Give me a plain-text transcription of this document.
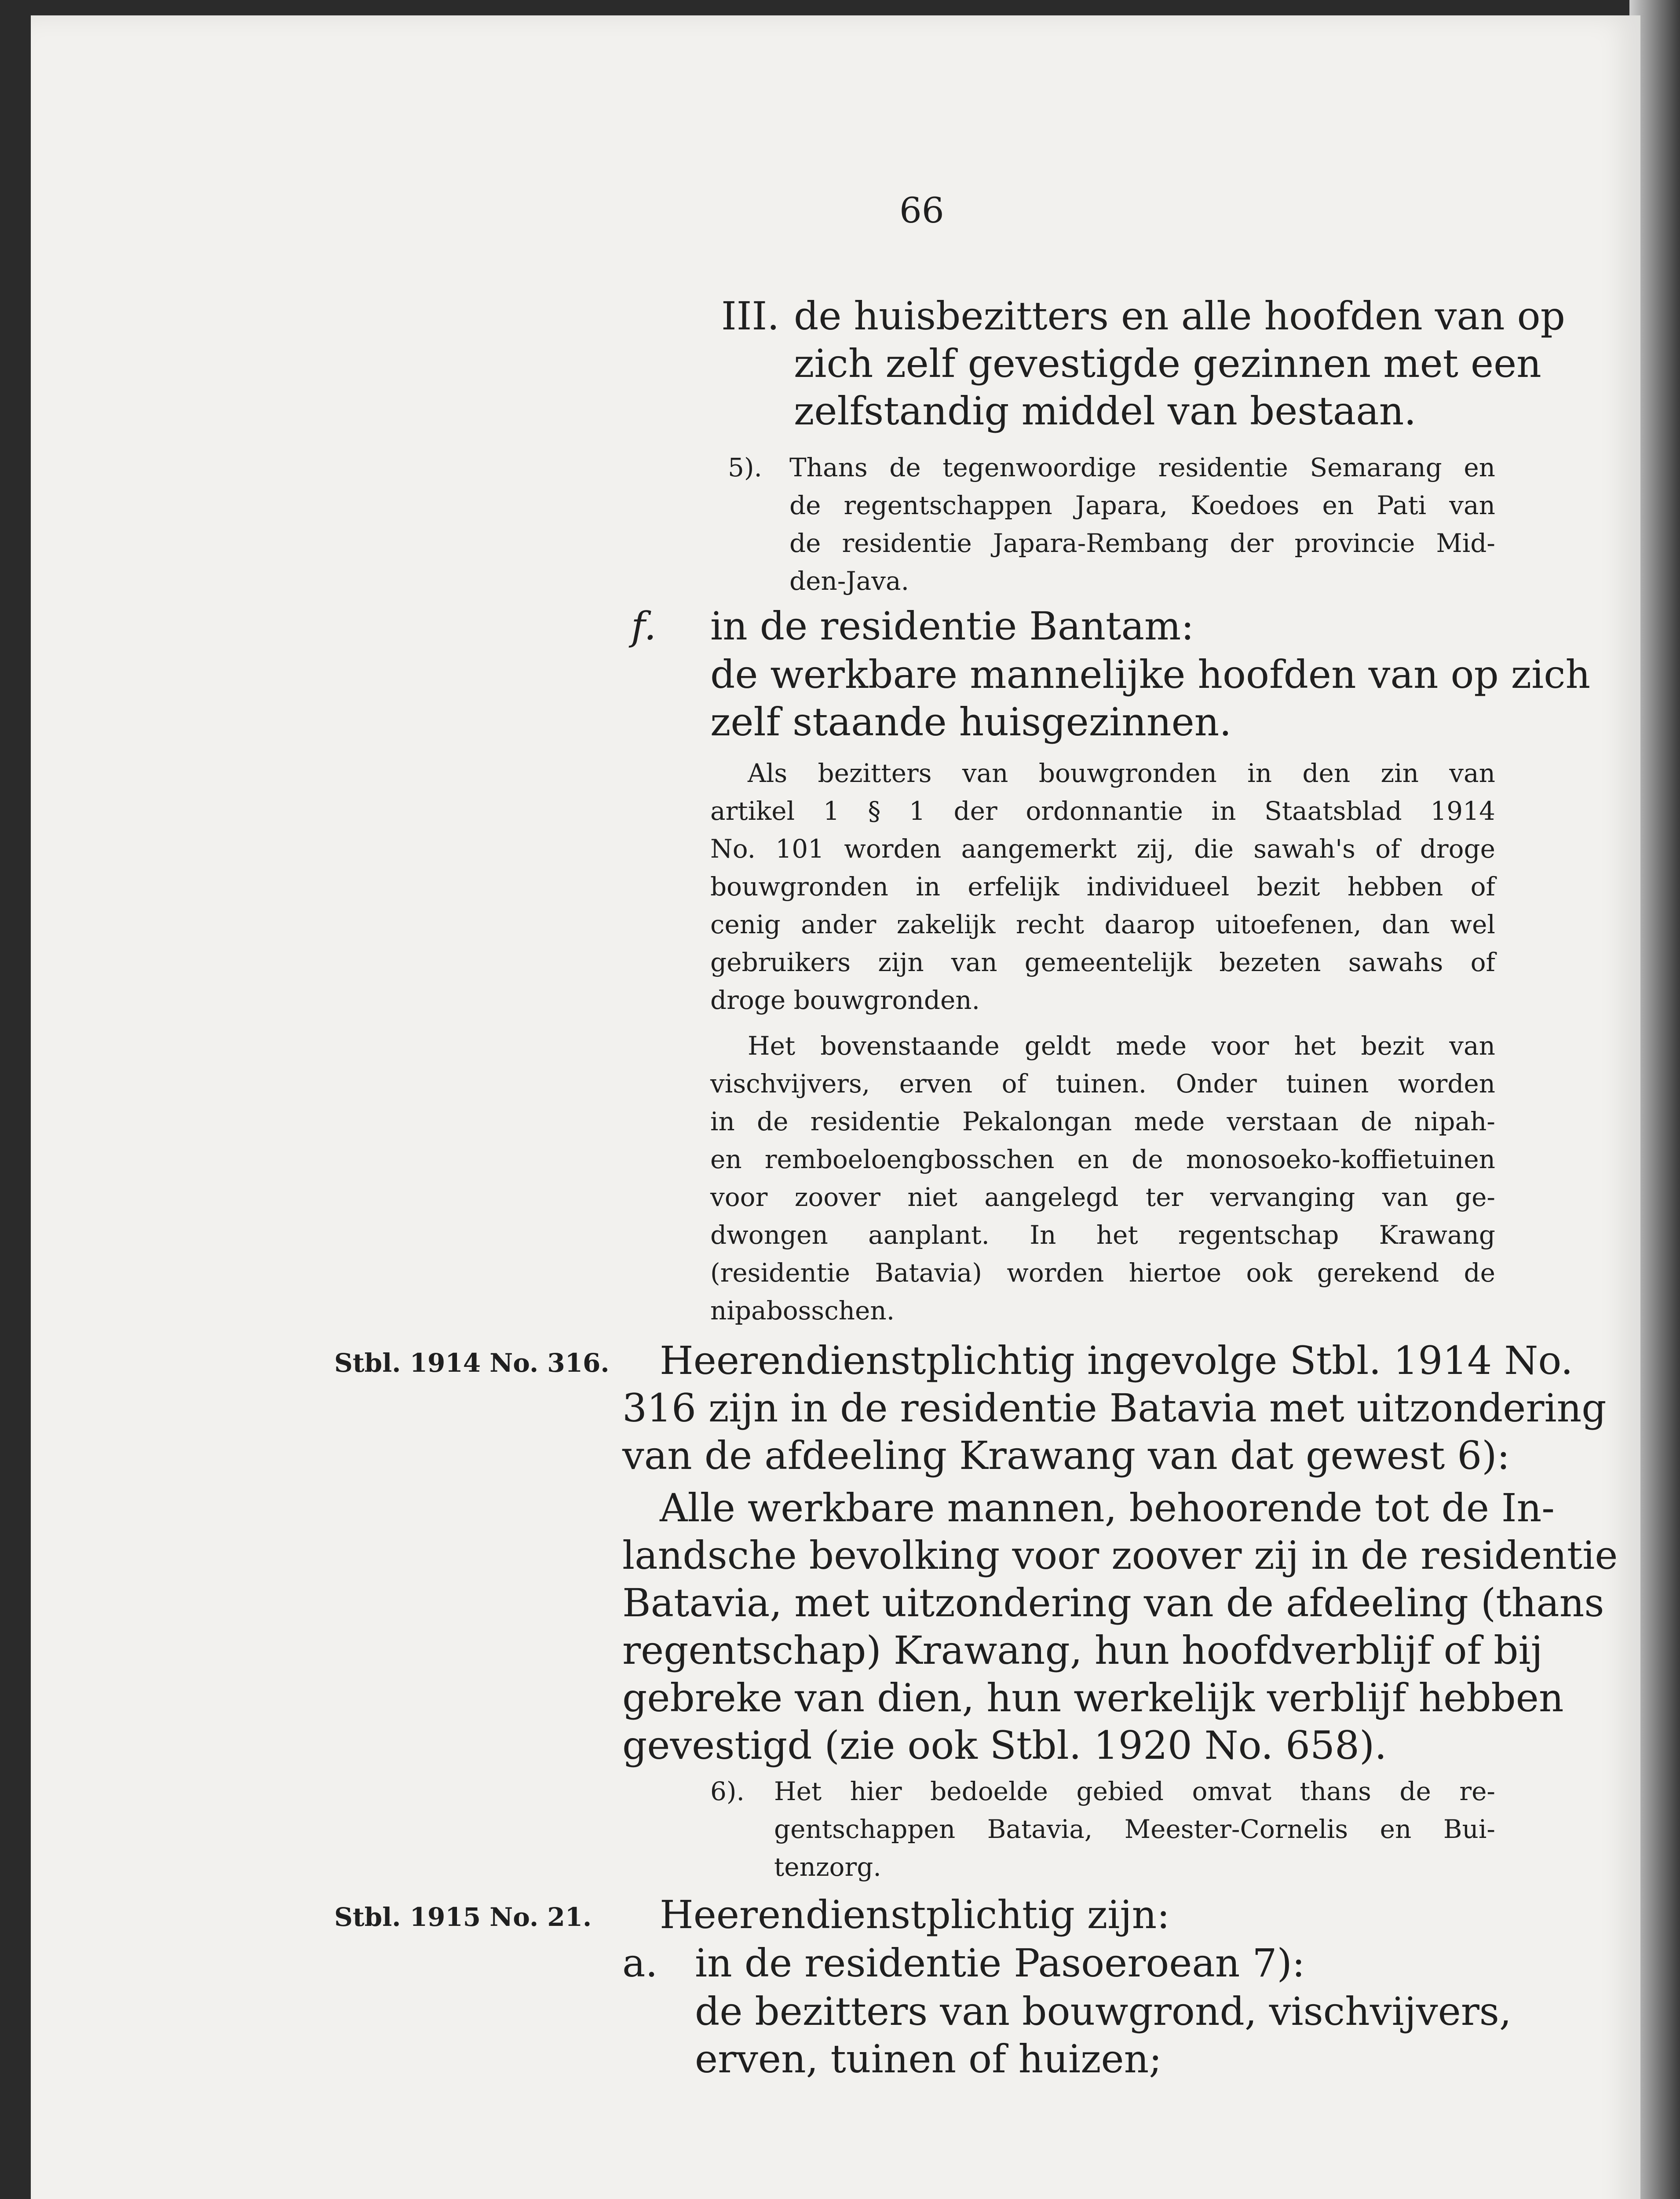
66
III. de huisbezitters en alle hoofden van op
zich zelf gevestigde gezinnen met een
zelfstandig middel van bestaan.
5). Thans de tegenwoordige residentie Semarang en
de regentschappen Japara, Koedoes en Pati van
de residentie Japara-Rembang der provincie Mid-
den-Java.
f. in de residentie Bantam:
de werkbare mannelijke hoofden van op zich
zelf staande huisgezinnen.
Als bezitters van bouwgronden in den zin van
artikel 1 § 1 der ordonnantie in Staatsblad 1914
No. 101 worden aangemerkt zij, die sawah's of droge
bouwgronden in erfelijk individueel bezit hebben of
cenig ander zakelijk recht daarop uitoefenen, dan wel
gebruikers zijn van gemeentelijk bezeten sawahs of
droge bouwgronden.
Het bovenstaande geldt mede voor het bezit van
vischvijvers, erven of tuinen. Onder tuinen worden
in de residentie Pekalongan mede verstaan de nipah-
en remboeloengbosschen en de monosoeko-koffietuinen
voor zoover niet aangelegd ter vervanging van ge-
dwongen aanplant. In het regentschap Krawang
(residentie Batavia) worden hiertoe ook gerekend de
nipabosschen.
Stbl. 1914 No. 316.	Heerendienstplichtig ingevolge Stbl. 1914 No.
316 zijn in de residentie Batavia met uitzondering
van de afdeeling Krawang van dat gewest 6):
Alle werkbare mannen, behoorende tot de In-
landsche bevolking voor zoover zij in de residentie
Batavia, met uitzondering van de afdeeling (thans
regentschap) Krawang, hun hoofdverblijf of bij
gebreke van dien, hun werkelijk verblijf hebben
gevestigd (zie ook Stbl. 1920 No. 658).
6). Het hier bedoelde gebied omvat thans de re-
gentschappen Batavia, Meester-Cornelis en Bui-
tenzorg.
Stbl. 1915 No. 21. Heerendienstplichtig zijn:
a. in de residentie Pasoeroean 7):
de bezitters van bouwgrond, vischvijvers,
erven, tuinen of huizen;
